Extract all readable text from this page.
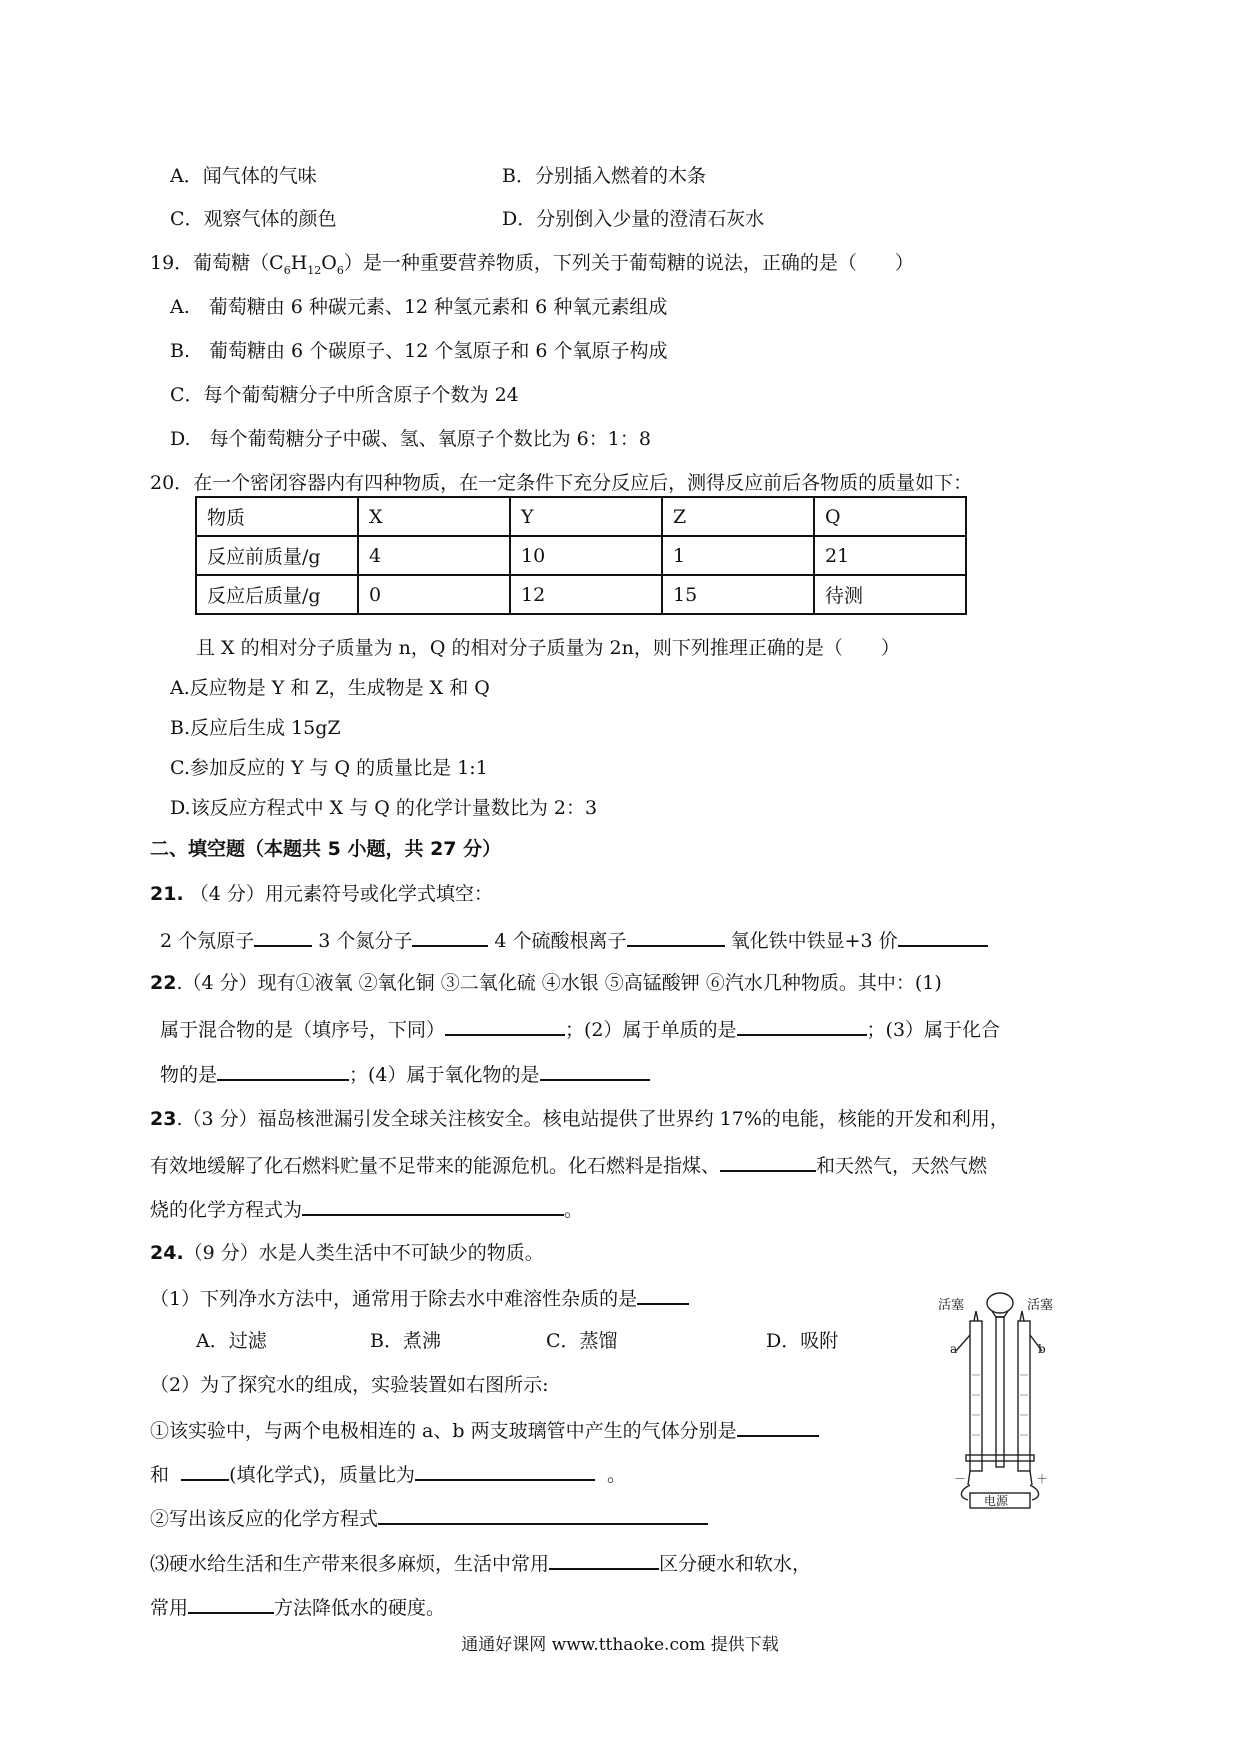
A．闻气体的气味	B．分别插入燃着的木条
C．观察气体的颜色	D．分别倒入少量的澄清石灰水
19．葡萄糖$(C_6H_{12}O_6)$是一种重要营养物质，下列关于葡萄糖的说法，正确的是（　　）
A.　葡萄糖由 6 种碳元素、12 种氢元素和 6 种氧元素组成
B.　葡萄糖由 6 个碳原子、12 个氢原子和 6 个氧原子构成
C．每个葡萄糖分子中所含原子个数为 24
D.　每个葡萄糖分子中碳、氢、氧原子个数比为 6：1：8
20．在一个密闭容器内有四种物质，在一定条件下充分反应后，测得反应前后各物质的质量如下：
物质	X	Y	Z	Q
反应前质量/g	4	10	1	21
反应后质量/g	0	12	15	待测
且 X 的相对分子质量为 n，Q 的相对分子质量为 2n，则下列推理正确的是（　　）
A.反应物是 Y 和 Z，生成物是 X 和 Q
B.反应后生成 15gZ
C.参加反应的 Y 与 Q 的质量比是 1:1
D.该反应方程式中 X 与 Q 的化学计量数比为 2：3
二、填空题（本题共 5 小题，共 27 分）
21. （4 分）用元素符号或化学式填空：
2 个氖原子	3 个氮分子	4 个硫酸根离子	氧化铁中铁显+3 价
22.（4 分）现有①液氧 ②氧化铜 ③二氧化硫 ④水银 ⑤高锰酸钾 ⑥汽水几种物质。其中：(1)
属于混合物的是（填序号，下同）	；(2）属于单质的是	；(3）属于化合
物的是	；(4）属于氧化物的是
23.（3 分）福岛核泄漏引发全球关注核安全。核电站提供了世界约 17%的电能，核能的开发和利用，
有效地缓解了化石燃料贮量不足带来的能源危机。化石燃料是指煤、	和天然气，天然气燃
烧的化学方程式为	。
24.（9 分）水是人类生活中不可缺少的物质。
（1）下列净水方法中，通常用于除去水中难溶性杂质的是
A．过滤	B．煮沸	C．蒸馏	D．吸附
（2）为了探究水的组成，实验装置如右图所示:
①该实验中，与两个电极相连的 a、b 两支玻璃管中产生的气体分别是
和	(填化学式)，质量比为	。
②写出该反应的化学方程式
⑶硬水给生活和生产带来很多麻烦，生活中常用	区分硬水和软水，
常用	方法降低水的硬度。
活塞	活塞
a	b
－	＋
电源
通通好课网 www.tthaoke.com 提供下载
